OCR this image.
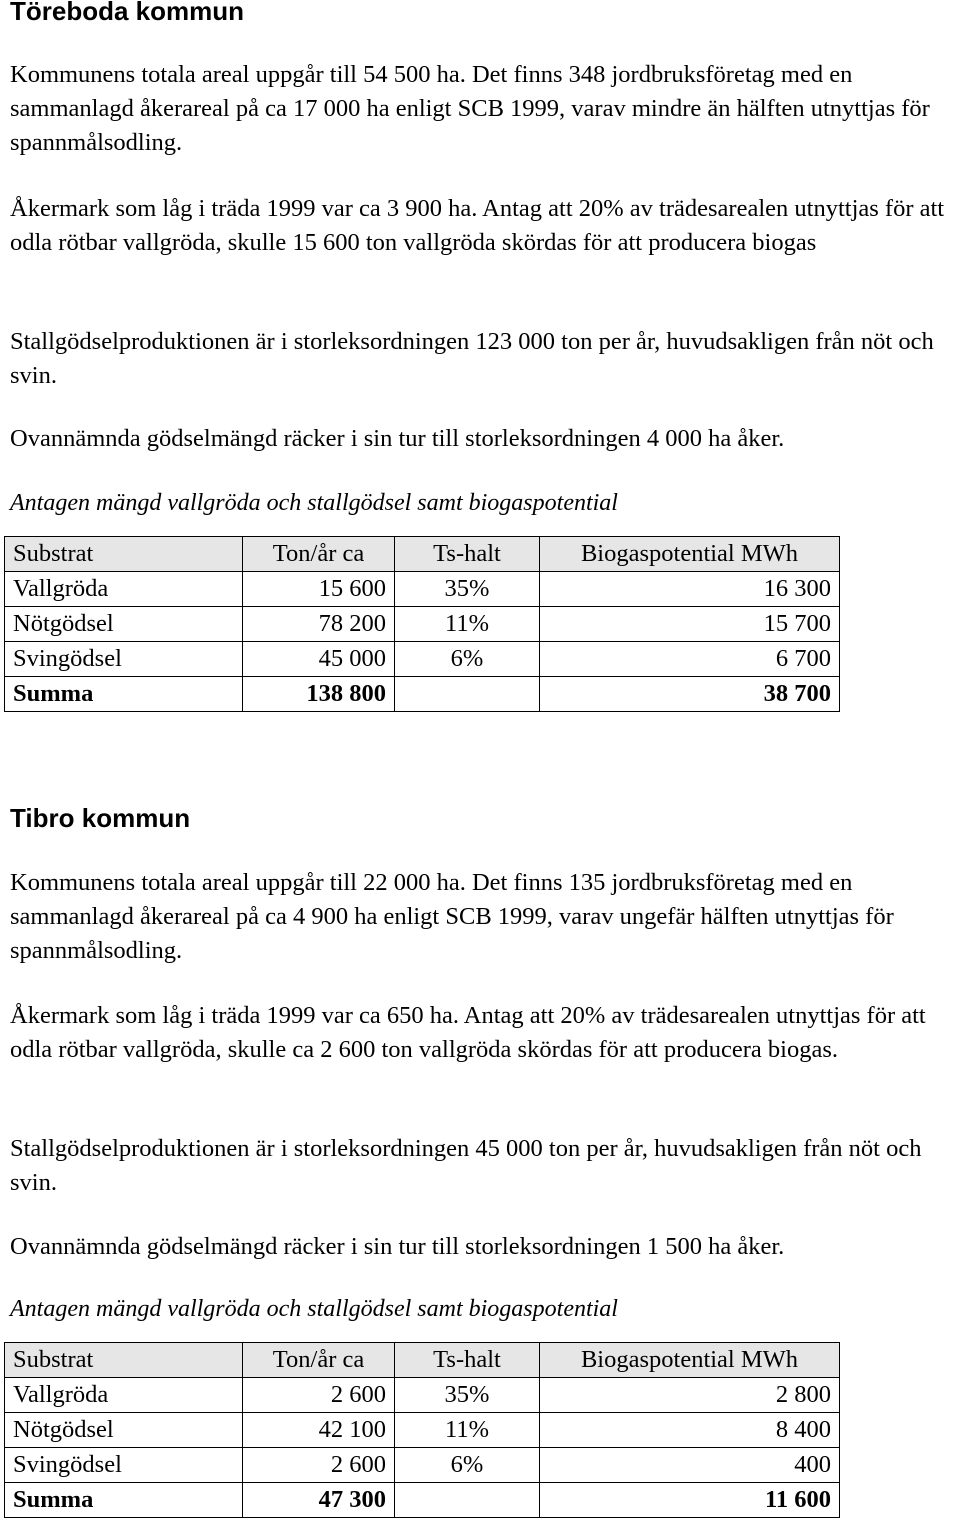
Töreboda kommun

Kommunens totala areal uppgår till 54 500 ha. Det finns 348 jordbruksföretag med en sammanlagd åkerareal på ca 17 000 ha enligt SCB 1999, varav mindre än hälften utnyttjas för spannmålsodling.

Åkermark som låg i träda 1999 var ca 3 900 ha. Antag att 20% av trädesarealen utnyttjas för att odla rötbar vallgröda, skulle 15 600 ton vallgröda skördas för att producera biogas

Stallgödselproduktionen är i storleksordningen 123 000 ton per år, huvudsakligen från nöt och svin.

Ovannämnda gödselmängd räcker i sin tur till storleksordningen 4 000 ha åker.

Antagen mängd vallgröda och stallgödsel samt biogaspotential

Substrat	Ton/år ca	Ts-halt	Biogaspotential MWh
Vallgröda	15 600	35%	16 300
Nötgödsel	78 200	11%	15 700
Svingödsel	45 000	6%	6 700
Summa	138 800		38 700
Tibro kommun

Kommunens totala areal uppgår till 22 000 ha. Det finns 135 jordbruksföretag med en sammanlagd åkerareal på ca 4 900 ha enligt SCB 1999, varav ungefär hälften utnyttjas för spannmålsodling.

Åkermark som låg i träda 1999 var ca 650 ha. Antag att 20% av trädesarealen utnyttjas för att odla rötbar vallgröda, skulle ca 2 600 ton vallgröda skördas för att producera biogas.

Stallgödselproduktionen är i storleksordningen 45 000 ton per år, huvudsakligen från nöt och svin.

Ovannämnda gödselmängd räcker i sin tur till storleksordningen 1 500 ha åker.

Antagen mängd vallgröda och stallgödsel samt biogaspotential

Substrat	Ton/år ca	Ts-halt	Biogaspotential MWh
Vallgröda	2 600	35%	2 800
Nötgödsel	42 100	11%	8 400
Svingödsel	2 600	6%	400
Summa	47 300		11 600
